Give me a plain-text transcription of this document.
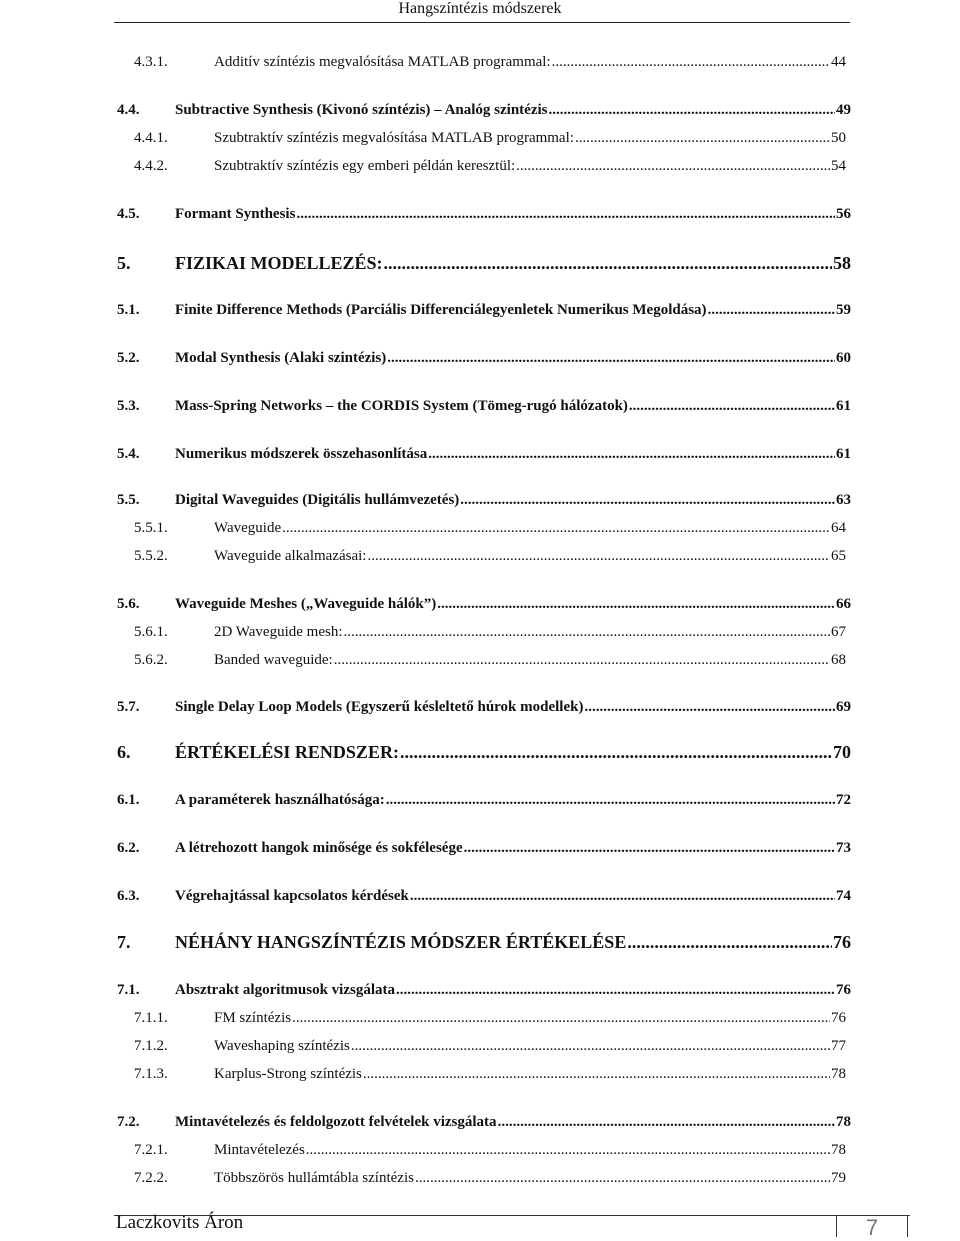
Hangszíntézis módszerek
4.3.1.	Additív színtézis megvalósítása MATLAB programmal: .....	44
4.4.	Subtractive Synthesis (Kivonó színtézis) – Analóg szintézis .....	49
4.4.1.	Szubtraktív színtézis megvalósítása MATLAB programmal: .....	50
4.4.2.	Szubtraktív színtézis egy emberi példán keresztül: .....	54
4.5.	Formant Synthesis .....	56
5.	FIZIKAI MODELLEZÉS: .....	58
5.1.	Finite Difference Methods (Parciális Differenciálegyenletek Numerikus Megoldása) .....	59
5.2.	Modal Synthesis (Alaki szintézis) .....	60
5.3.	Mass-Spring Networks – the CORDIS System (Tömeg-rugó hálózatok) .....	61
5.4.	Numerikus módszerek összehasonlítása .....	61
5.5.	Digital Waveguides (Digitális hullámvezetés) .....	63
5.5.1.	Waveguide .....	64
5.5.2.	Waveguide alkalmazásai: .....	65
5.6.	Waveguide Meshes („Waveguide hálók”) .....	66
5.6.1.	2D Waveguide mesh: .....	67
5.6.2.	Banded waveguide: .....	68
5.7.	Single Delay Loop Models (Egyszerű késleltető húrok modellek) .....	69
6.	ÉRTÉKELÉSI RENDSZER: .....	70
6.1.	A paraméterek használhatósága: .....	72
6.2.	A létrehozott hangok minősége és sokfélesége .....	73
6.3.	Végrehajtással kapcsolatos kérdések .....	74
7.	NÉHÁNY HANGSZÍNTÉZIS MÓDSZER ÉRTÉKELÉSE .....	76
7.1.	Absztrakt algoritmusok vizsgálata .....	76
7.1.1.	FM színtézis .....	76
7.1.2.	Waveshaping színtézis .....	77
7.1.3.	Karplus-Strong színtézis .....	78
7.2.	Mintavételezés és feldolgozott felvételek vizsgálata .....	78
7.2.1.	Mintavételezés .....	78
7.2.2.	Többszörös hullámtábla színtézis .....	79
Laczkovits Áron	7
